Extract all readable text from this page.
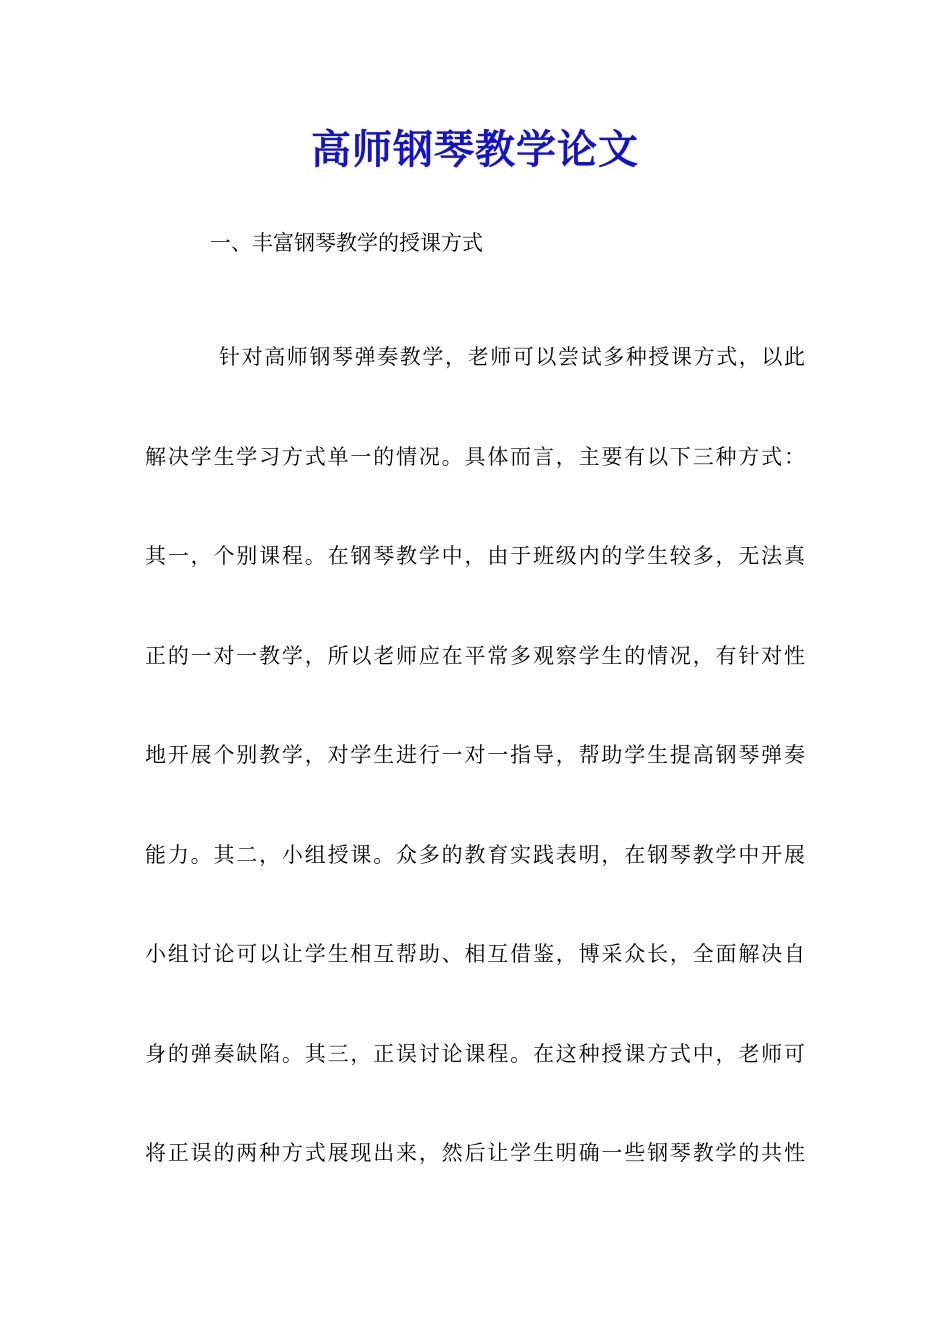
高师钢琴教学论文

一、丰富钢琴教学的授课方式

针对高师钢琴弹奏教学，老师可以尝试多种授课方式，以此
解决学生学习方式单一的情况。具体而言，主要有以下三种方式：
其一，个别课程。在钢琴教学中，由于班级内的学生较多，无法真
正的一对一教学，所以老师应在平常多观察学生的情况，有针对性
地开展个别教学，对学生进行一对一指导，帮助学生提高钢琴弹奏
能力。其二，小组授课。众多的教育实践表明，在钢琴教学中开展
小组讨论可以让学生相互帮助、相互借鉴，博采众长，全面解决自
身的弹奏缺陷。其三，正误讨论课程。在这种授课方式中，老师可
将正误的两种方式展现出来，然后让学生明确一些钢琴教学的共性
